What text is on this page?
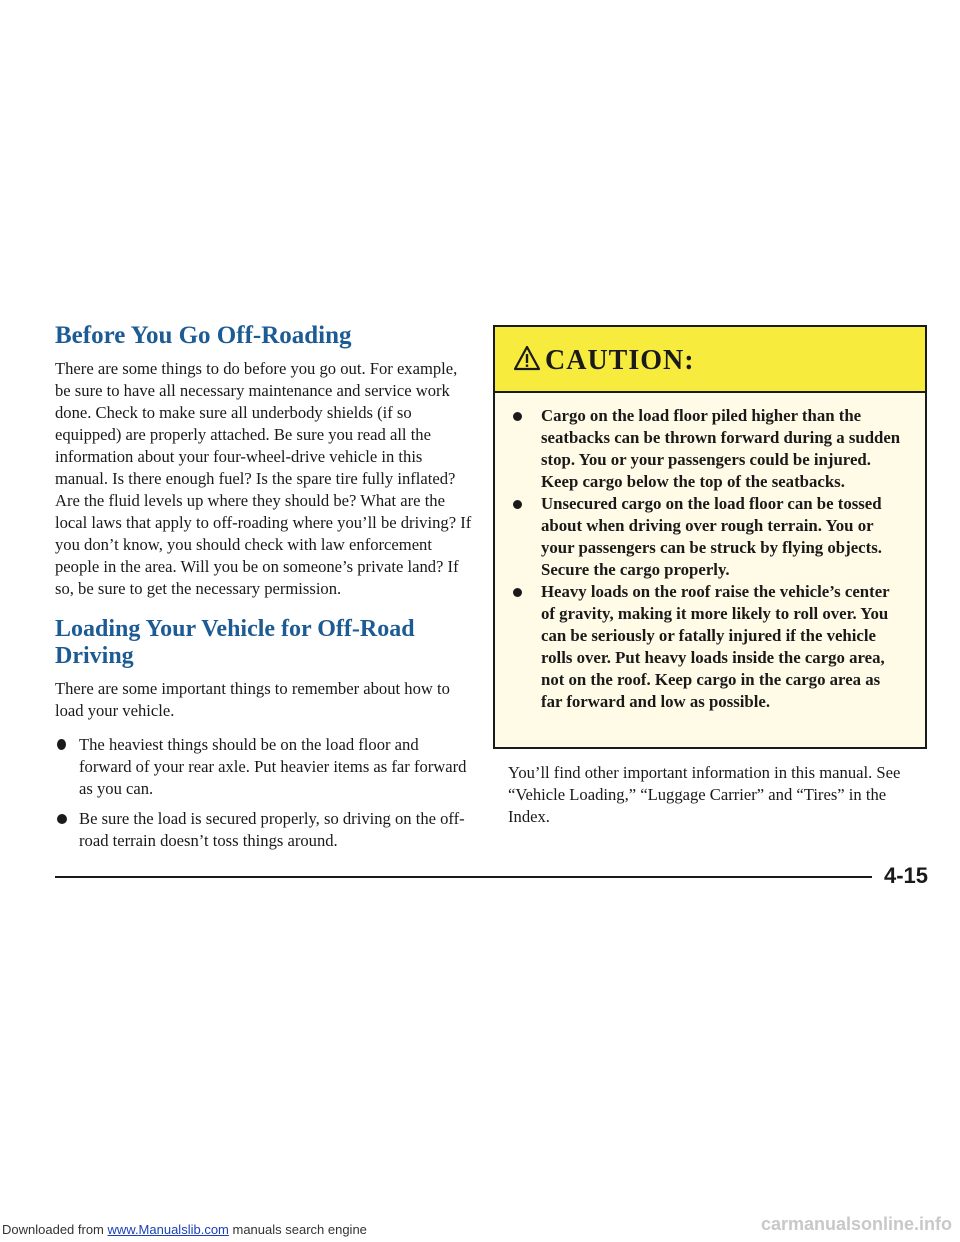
Before You Go Off-Roading

There are some things to do before you go out. For example, be sure to have all necessary maintenance and service work done. Check to make sure all underbody shields (if so equipped) are properly attached. Be sure you read all the information about your four-wheel-drive vehicle in this manual. Is there enough fuel? Is the spare tire fully inflated? Are the fluid levels up where they should be? What are the local laws that apply to off-roading where you’ll be driving? If you don’t know, you should check with law enforcement people in the area. Will you be on someone’s private land? If so, be sure to get the necessary permission.

Loading Your Vehicle for Off-Road Driving

There are some important things to remember about how to load your vehicle.

The heaviest things should be on the load floor and forward of your rear axle. Put heavier items as far forward as you can.
Be sure the load is secured properly, so driving on the off-road terrain doesn’t toss things around.
CAUTION:
Cargo on the load floor piled higher than the seatbacks can be thrown forward during a sudden stop. You or your passengers could be injured. Keep cargo below the top of the seatbacks.
Unsecured cargo on the load floor can be tossed about when driving over rough terrain. You or your passengers can be struck by flying objects. Secure the cargo properly.
Heavy loads on the roof raise the vehicle’s center of gravity, making it more likely to roll over. You can be seriously or fatally injured if the vehicle rolls over. Put heavy loads inside the cargo area, not on the roof. Keep cargo in the cargo area as far forward and low as possible.

You’ll find other important information in this manual. See “Vehicle Loading,” “Luggage Carrier” and “Tires” in the Index.

4-15
Downloaded from www.Manualslib.com manuals search engine	carmanualsonline.info
